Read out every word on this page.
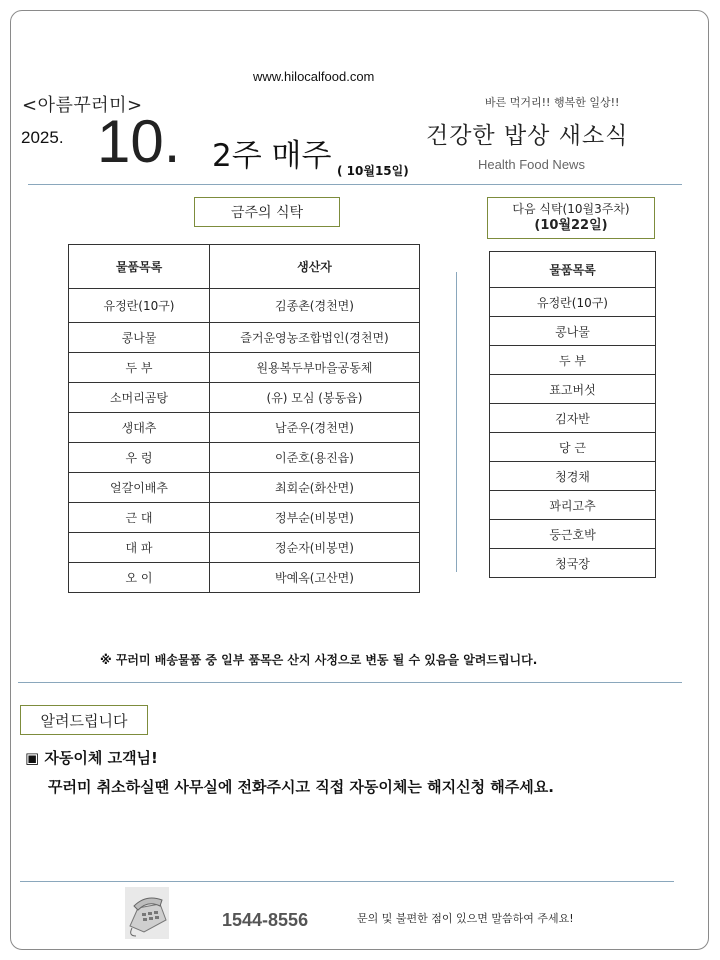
www.hilocalfood.com
<아름꾸러미>
2025. 10. 2주 매주 ( 10월15일)
바른 먹거리!! 행복한 일상!!
건강한 밥상 새소식
Health Food News
금주의 식탁	다음 식탁(10월3주차)
(10월22일)
물품목록	생산자
유정란(10구)	김종촌(경천면)
콩나물	즐거운영농조합법인(경천면)
두 부	원용복두부마을공동체
소머리곰탕	(유) 모심 (봉동읍)
생대추	남준우(경천면)
우 렁	이준호(용진읍)
얼갈이배추	최회순(화산면)
근 대	정부순(비봉면)
대 파	정순자(비봉면)
오 이	박예옥(고산면)
물품목록
유정란(10구)
콩나물
두 부
표고버섯
김자반
당 근
청경채
꽈리고추
둥근호박
청국장
※ 꾸러미 배송물품 중 일부 품목은 산지 사정으로 변동 될 수 있음을 알려드립니다.
알려드립니다
▣ 자동이체 고객님!
꾸러미 취소하실땐 사무실에 전화주시고 직접 자동이체는 해지신청 해주세요.
1544-8556	문의 및 불편한 점이 있으면 말씀하여 주세요!
